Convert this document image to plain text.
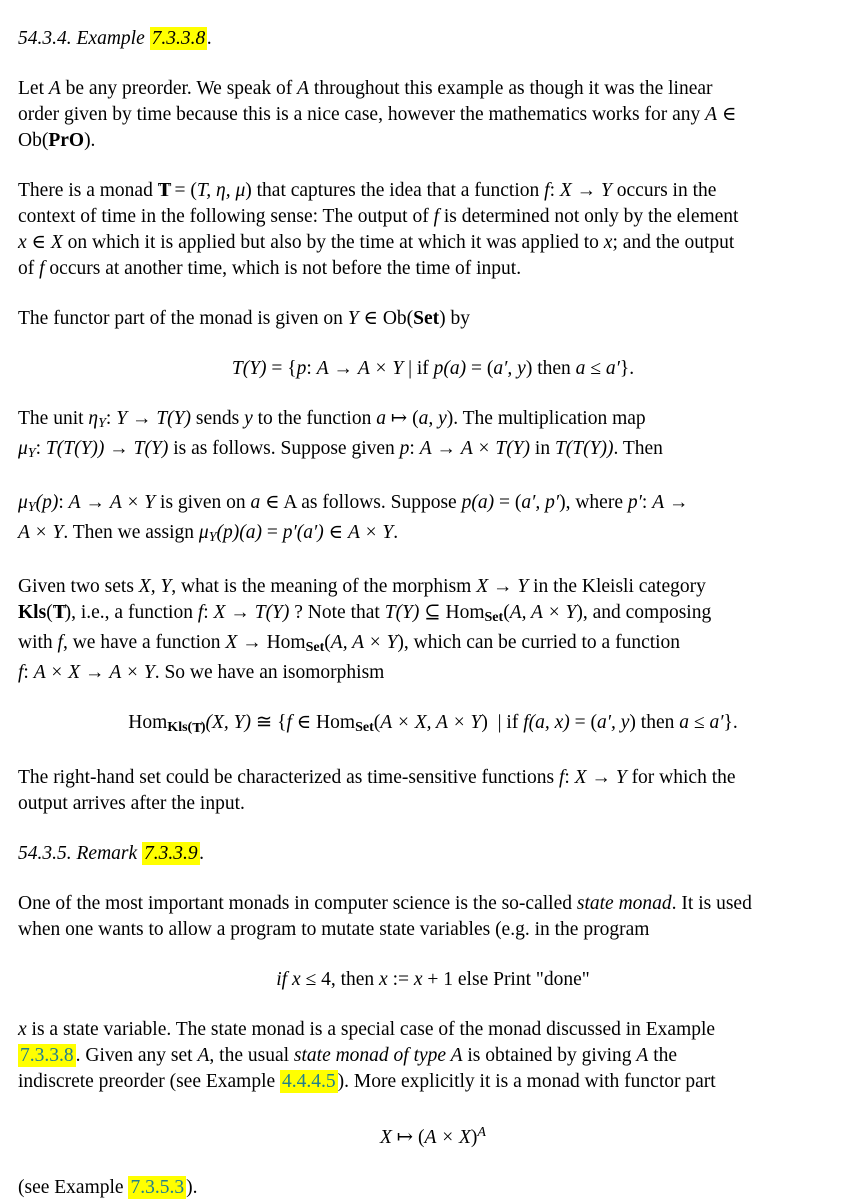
54.3.4. Example 7.3.3.8 .
Let A be any preorder. We speak of A throughout this example as though it was the linear
order given by time because this is a nice case, however the mathematics works for any A ∈
Ob(PrO).
There is a monad T T = (T, η, μ) that captures the idea that a function f: X → Y occurs in the
context of time in the following sense: The output of f is determined not only by the element
x ∈ X on which it is applied but also by the time at which it was applied to x; and the output
of f occurs at another time, which is not before the time of input.
The functor part of the monad is given on Y ∈ Ob(Set) by
T(Y) = {p: A → A × Y | if p(a) = (a′, y) then a ≤ a′}.
The unit $\eta_Y$: Y → T(Y) sends y to the function a ↦ (a, y). The multiplication map
$\mu_Y$: T(T(Y)) → T(Y) is as follows. Suppose given p: A → A × T(Y) in T(T(Y)). Then
$\mu_Y(p)$: A → A × Y is given on a ∈ A as follows. Suppose p(a) = (a′, p′), where p′: A →
A × Y. Then we assign $\mu_Y(p)(a) = p'(a')$ ∈ A × Y.
Given two sets X, Y, what is the meaning of the morphism X → Y in the Kleisli category
Kls(T T), i.e., a function f: X → T(Y) ? Note that T(Y) ⊆ Hom$_{Set}$(A, A × Y), and composing
with f, we have a function X → Hom$_{Set}$(A, A × Y), which can be curried to a function
f: A × X → A × Y. So we have an isomorphism
Hom$_{Kls(}$T $T_)(X$, Y) ≅ {f ∈ Hom$_{Set}$(A × X, A × Y)  | if f(a, x) = (a′, y) then a ≤ a′}.
The right-hand set could be characterized as time-sensitive functions f: X → Y for which the
output arrives after the input.
54.3.5. Remark 7.3.3.9 .
One of the most important monads in computer science is the so-called state monad. It is used
when one wants to allow a program to mutate state variables (e.g. in the program
if x ≤ 4, then x := x + 1 else Print "done"
x is a state variable. The state monad is a special case of the monad discussed in Example
7.3.3.8 . Given any set A, the usual state monad of type A is obtained by giving A the
indiscrete preorder (see Example 4.4.4.5 ). More explicitly it is a monad with functor part
X ↦ $(A \times X)^A$
(see Example 7.3.5.3 ).
